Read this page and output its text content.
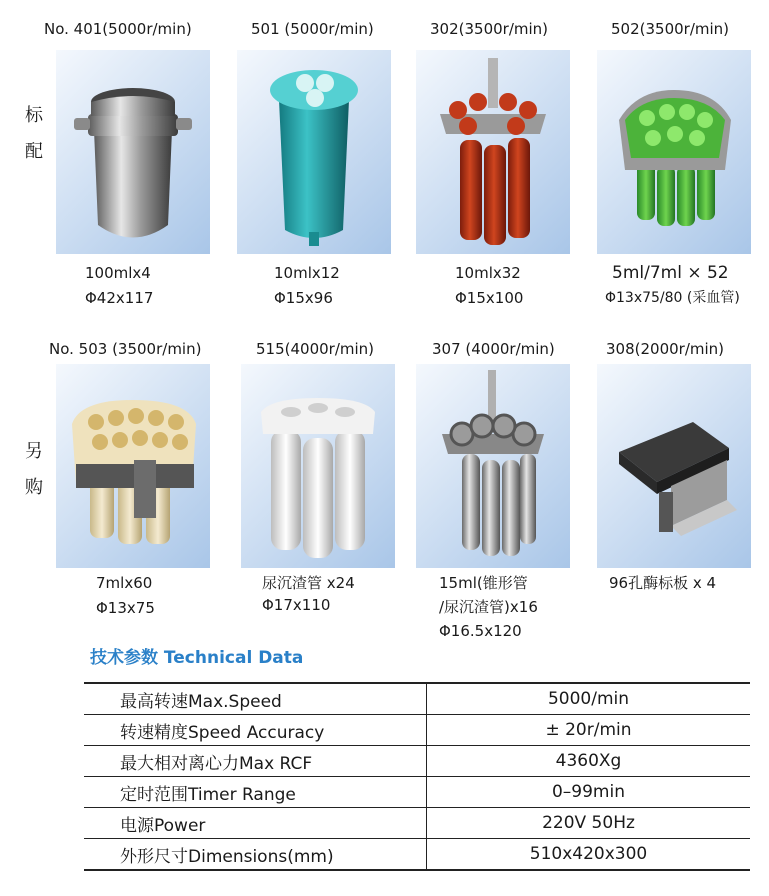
标
配
另
购
No. 401(5000r/min)
100mlx4
Φ42x117
501 (5000r/min)
10mlx12
Φ15x96
302(3500r/min)
10mlx32
Φ15x100
502(3500r/min)
5ml/7ml × 52
Φ13x75/80 (采血管)
No. 503 (3500r/min)
7mlx60
Φ13x75
515(4000r/min)
尿沉渣管 x24
Φ17x110
307 (4000r/min)
15ml(锥形管
/尿沉渣管)x16
Φ16.5x120
308(2000r/min)
96孔酶标板 x 4
技术参数 Technical Data
最高转速Max.Speed	5000/min
转速精度Speed Accuracy	± 20r/min
最大相对离心力Max RCF	4360Xg
定时范围Timer Range	0–99min
电源Power	220V 50Hz
外形尺寸Dimensions(mm)	510x420x300
